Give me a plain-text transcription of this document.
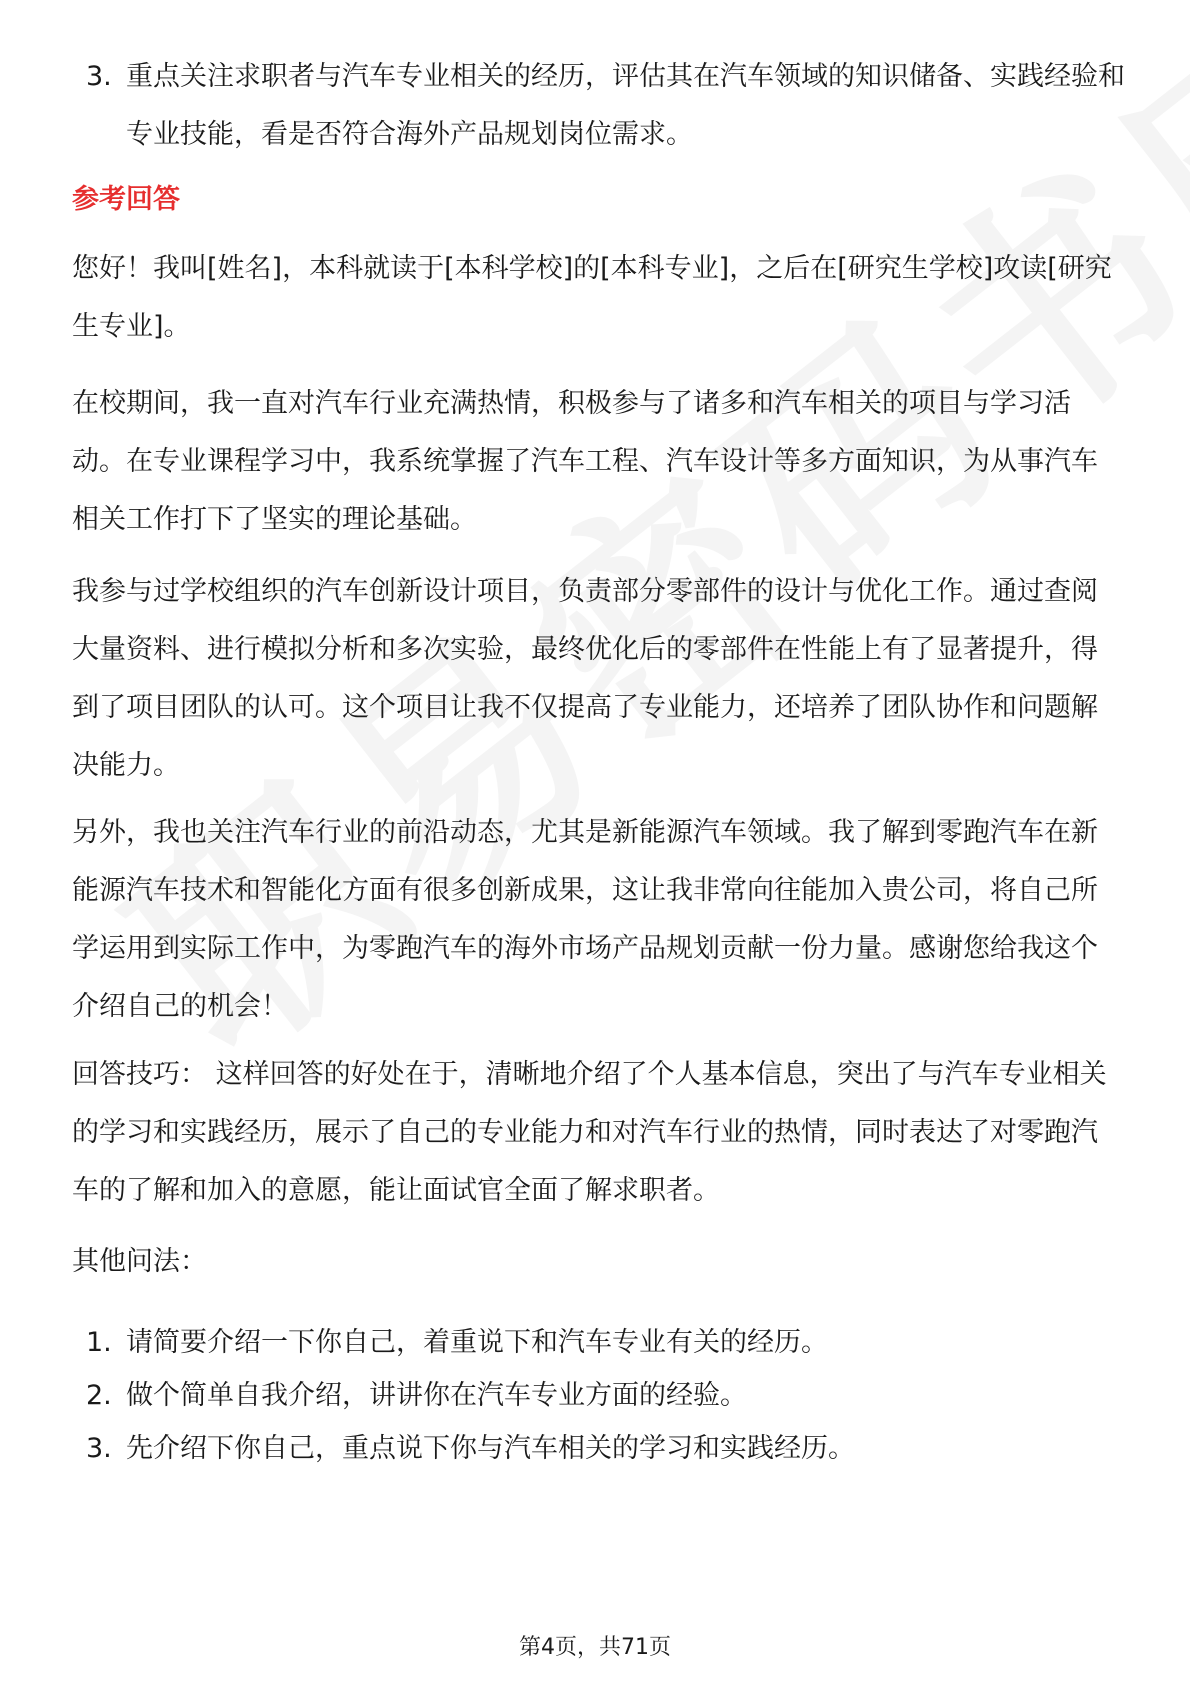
3. 重点关注求职者与汽车专业相关的经历，评估其在汽车领域的知识储备、实践经验和专业技能，看是否符合海外产品规划岗位需求。
参考回答

您好！我叫[姓名]，本科就读于[本科学校]的[本科专业]，之后在[研究生学校]攻读[研究生专业]。

在校期间，我一直对汽车行业充满热情，积极参与了诸多和汽车相关的项目与学习活动。在专业课程学习中，我系统掌握了汽车工程、汽车设计等多方面知识，为从事汽车相关工作打下了坚实的理论基础。

我参与过学校组织的汽车创新设计项目，负责部分零部件的设计与优化工作。通过查阅大量资料、进行模拟分析和多次实验，最终优化后的零部件在性能上有了显著提升，得到了项目团队的认可。这个项目让我不仅提高了专业能力，还培养了团队协作和问题解决能力。

另外，我也关注汽车行业的前沿动态，尤其是新能源汽车领域。我了解到零跑汽车在新能源汽车技术和智能化方面有很多创新成果，这让我非常向往能加入贵公司，将自己所学运用到实际工作中，为零跑汽车的海外市场产品规划贡献一份力量。感谢您给我这个介绍自己的机会！

回答技巧： 这样回答的好处在于，清晰地介绍了个人基本信息，突出了与汽车专业相关的学习和实践经历，展示了自己的专业能力和对汽车行业的热情，同时表达了对零跑汽车的了解和加入的意愿，能让面试官全面了解求职者。

其他问法：

1. 请简要介绍一下你自己，着重说下和汽车专业有关的经历。
2. 做个简单自我介绍，讲讲你在汽车专业方面的经验。
3. 先介绍下你自己，重点说下你与汽车相关的学习和实践经历。
第4页，共71页
